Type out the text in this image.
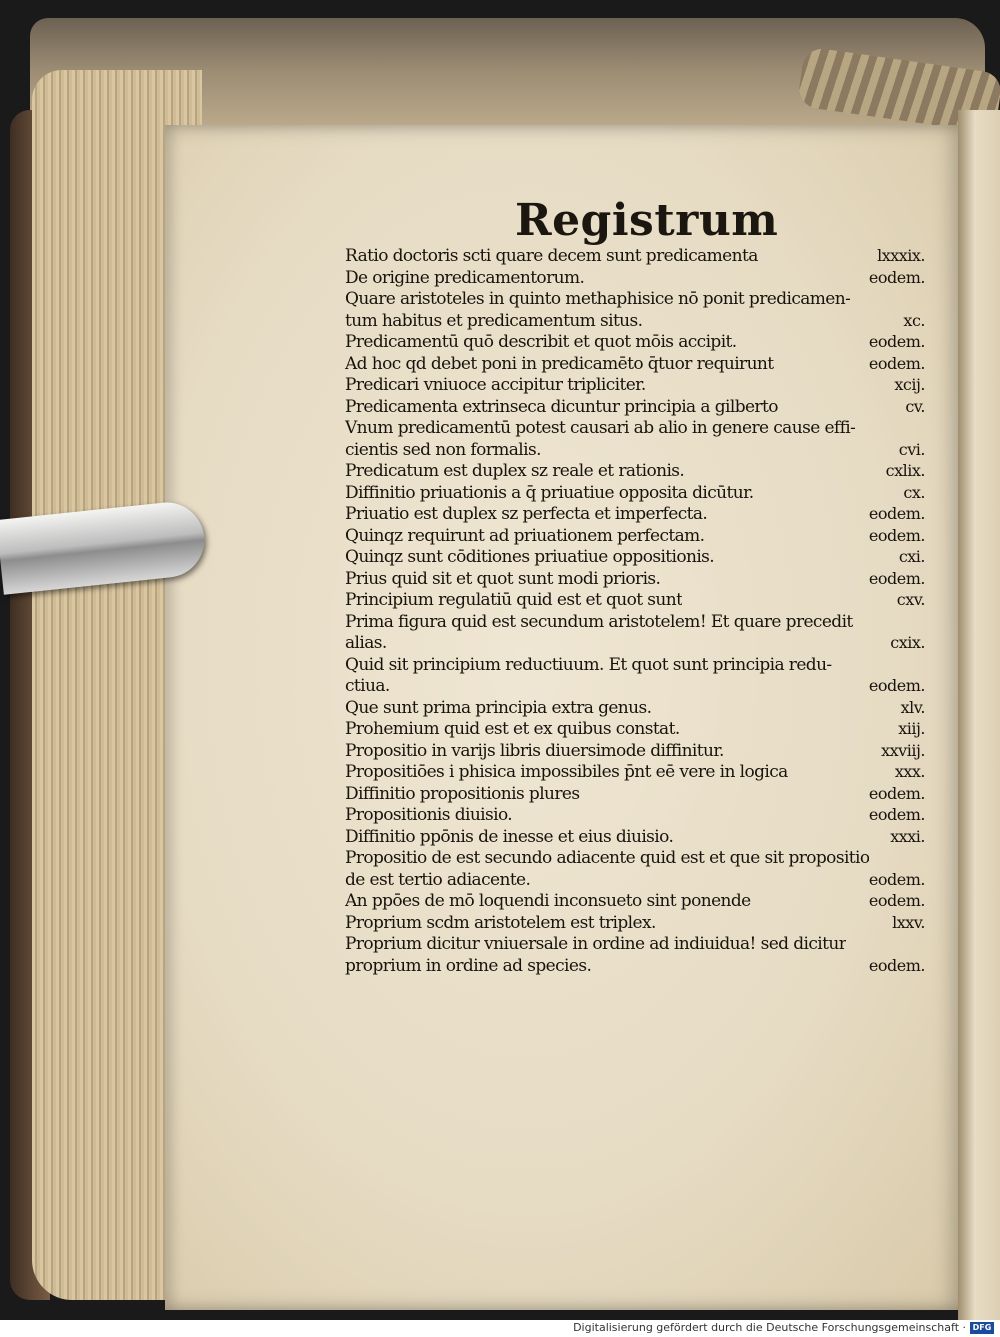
Registrum
Ratio doctoris scti quare decem sunt predicamenta	lxxxix.
De origine predicamentorum.	eodem.
Quare aristoteles in quinto methaphisice nō ponit predicamen-
tum habitus et predicamentum situs.	xc.
Predicamentū quō describit et quot mōis accipit.	eodem.
Ad hoc qd debet poni in predicamēto q̄tuor requirunt	eodem.
Predicari vniuoce accipitur tripliciter.	xcij.
Predicamenta extrinseca dicuntur principia a gilberto	cv.
Vnum predicamentū potest causari ab alio in genere cause effi-
cientis sed non formalis.	cvi.
Predicatum est duplex sz reale et rationis.	cxlix.
Diffinitio priuationis a q̄ priuatiue opposita dicūtur.	cx.
Priuatio est duplex sz perfecta et imperfecta.	eodem.
Quinqz requirunt ad priuationem perfectam.	eodem.
Quinqz sunt cōditiones priuatiue oppositionis.	cxi.
Prius quid sit et quot sunt modi prioris.	eodem.
Principium regulatiū quid est et quot sunt	cxv.
Prima figura quid est secundum aristotelem! Et quare precedit
alias.	cxix.
Quid sit principium reductiuum. Et quot sunt principia redu-
ctiua.	eodem.
Que sunt prima principia extra genus.	xlv.
Prohemium quid est et ex quibus constat.	xiij.
Propositio in varijs libris diuersimode diffinitur.	xxviij.
Propositiōes i phisica impossibiles p̄nt eē vere in logica	xxx.
Diffinitio propositionis plures	eodem.
Propositionis diuisio.	eodem.
Diffinitio ppōnis de inesse et eius diuisio.	xxxi.
Propositio de est secundo adiacente quid est et que sit propositio
de est tertio adiacente.	eodem.
An ppōes de mō loquendi inconsueto sint ponende	eodem.
Proprium scdm aristotelem est triplex.	lxxv.
Proprium dicitur vniuersale in ordine ad indiuidua! sed dicitur
proprium in ordine ad species.	eodem.
Digitalisierung gefördert durch die Deutsche Forschungsgemeinschaft · DFG
